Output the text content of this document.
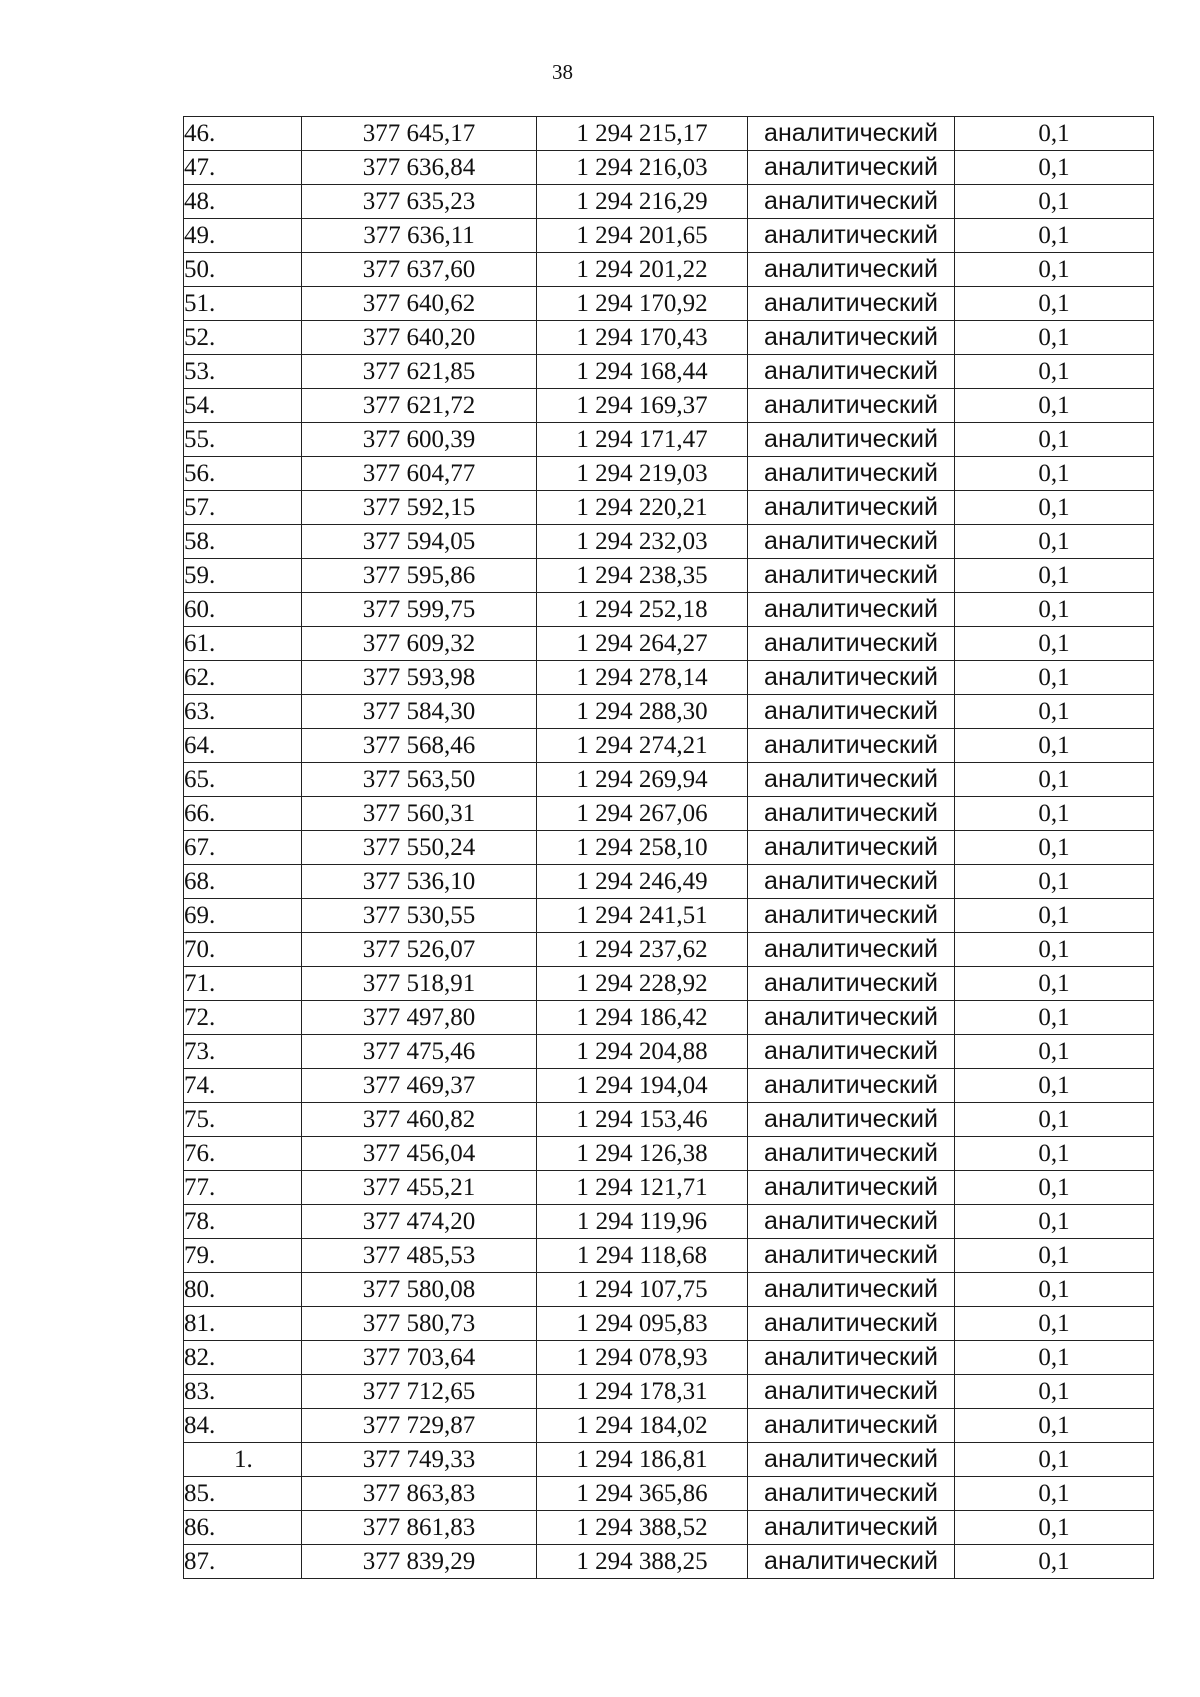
38
46.	377 645,17	1 294 215,17	аналитический	0,1
47.	377 636,84	1 294 216,03	аналитический	0,1
48.	377 635,23	1 294 216,29	аналитический	0,1
49.	377 636,11	1 294 201,65	аналитический	0,1
50.	377 637,60	1 294 201,22	аналитический	0,1
51.	377 640,62	1 294 170,92	аналитический	0,1
52.	377 640,20	1 294 170,43	аналитический	0,1
53.	377 621,85	1 294 168,44	аналитический	0,1
54.	377 621,72	1 294 169,37	аналитический	0,1
55.	377 600,39	1 294 171,47	аналитический	0,1
56.	377 604,77	1 294 219,03	аналитический	0,1
57.	377 592,15	1 294 220,21	аналитический	0,1
58.	377 594,05	1 294 232,03	аналитический	0,1
59.	377 595,86	1 294 238,35	аналитический	0,1
60.	377 599,75	1 294 252,18	аналитический	0,1
61.	377 609,32	1 294 264,27	аналитический	0,1
62.	377 593,98	1 294 278,14	аналитический	0,1
63.	377 584,30	1 294 288,30	аналитический	0,1
64.	377 568,46	1 294 274,21	аналитический	0,1
65.	377 563,50	1 294 269,94	аналитический	0,1
66.	377 560,31	1 294 267,06	аналитический	0,1
67.	377 550,24	1 294 258,10	аналитический	0,1
68.	377 536,10	1 294 246,49	аналитический	0,1
69.	377 530,55	1 294 241,51	аналитический	0,1
70.	377 526,07	1 294 237,62	аналитический	0,1
71.	377 518,91	1 294 228,92	аналитический	0,1
72.	377 497,80	1 294 186,42	аналитический	0,1
73.	377 475,46	1 294 204,88	аналитический	0,1
74.	377 469,37	1 294 194,04	аналитический	0,1
75.	377 460,82	1 294 153,46	аналитический	0,1
76.	377 456,04	1 294 126,38	аналитический	0,1
77.	377 455,21	1 294 121,71	аналитический	0,1
78.	377 474,20	1 294 119,96	аналитический	0,1
79.	377 485,53	1 294 118,68	аналитический	0,1
80.	377 580,08	1 294 107,75	аналитический	0,1
81.	377 580,73	1 294 095,83	аналитический	0,1
82.	377 703,64	1 294 078,93	аналитический	0,1
83.	377 712,65	1 294 178,31	аналитический	0,1
84.	377 729,87	1 294 184,02	аналитический	0,1
1.	377 749,33	1 294 186,81	аналитический	0,1
85.	377 863,83	1 294 365,86	аналитический	0,1
86.	377 861,83	1 294 388,52	аналитический	0,1
87.	377 839,29	1 294 388,25	аналитический	0,1
